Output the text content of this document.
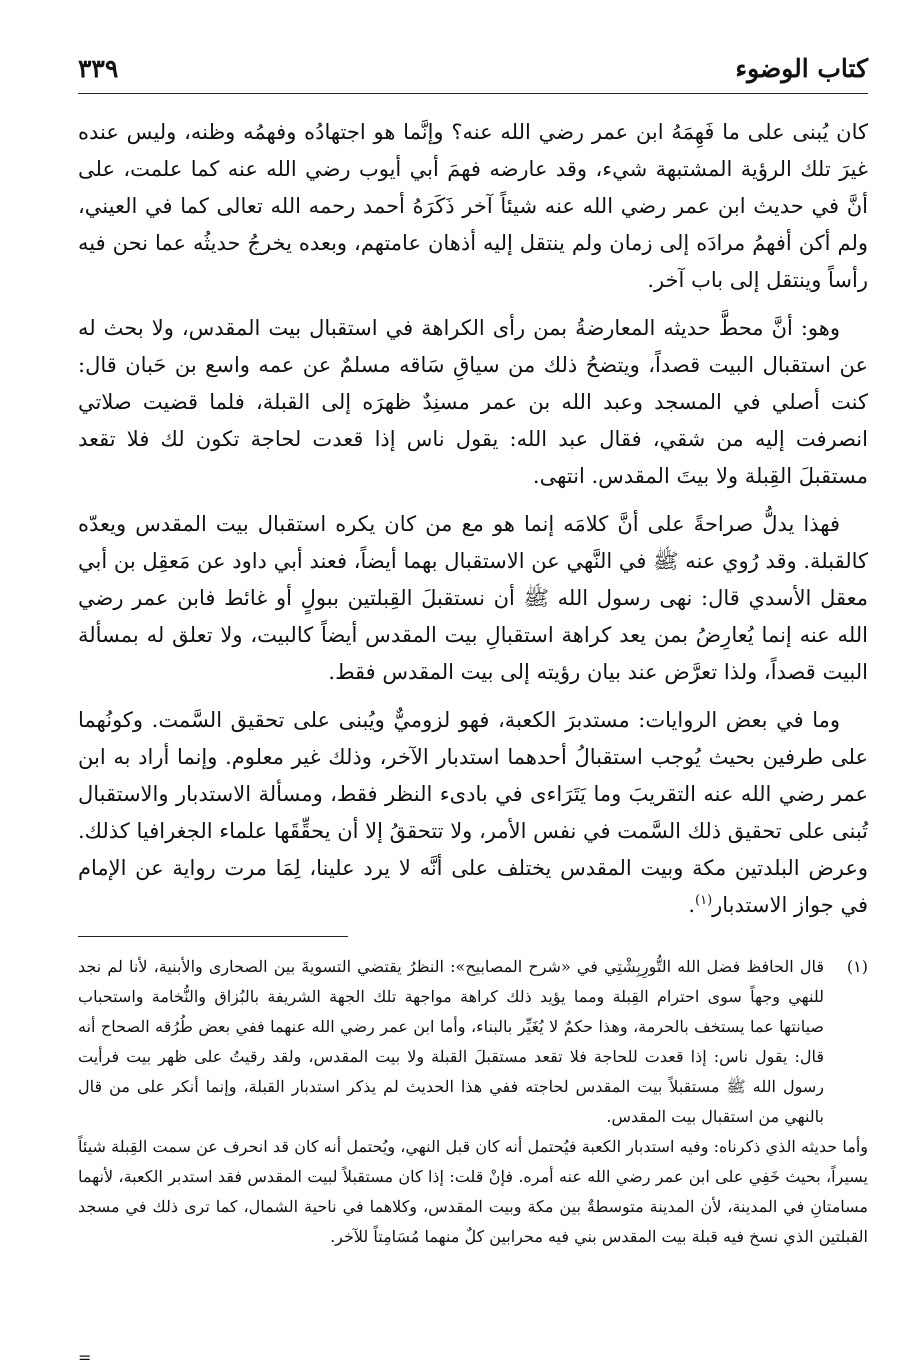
كتاب الوضوء
٣٣٩

كان يُبنى على ما فَهِمَهُ ابن عمر رضي الله عنه؟ وإنَّما هو اجتهادُه وفهمُه وظنه، وليس عنده غيرَ تلك الرؤية المشتبهة شيء، وقد عارضه فهمَ أبي أيوب رضي الله عنه كما علمت، على أنَّ في حديث ابن عمر رضي الله عنه شيئاً آخر ذَكَرَهُ أحمد رحمه الله تعالى كما في العيني، ولم أكن أفهمُ مرادَه إلى زمان ولم ينتقل إليه أذهان عامتهم، وبعده يخرجُ حديثُه عما نحن فيه رأساً وينتقل إلى باب آخر.

وهو: أنَّ محطَّ حديثه المعارضةُ بمن رأى الكراهة في استقبال بيت المقدس، ولا بحث له عن استقبال البيت قصداً، ويتضحُ ذلك من سياقِ سَاقه مسلمٌ عن عمه واسع بن حَبان قال: كنت أصلي في المسجد وعبد الله بن عمر مسنِدٌ ظهرَه إلى القبلة، فلما قضيت صلاتي انصرفت إليه من شقي، فقال عبد الله: يقول ناس إذا قعدت لحاجة تكون لك فلا تقعد مستقبلَ القِبلة ولا بيتَ المقدس. انتهى.

فهذا يدلُّ صراحةً على أنَّ كلامَه إنما هو مع من كان يكره استقبال بيت المقدس ويعدّه كالقبلة. وقد رُوي عنه ﷺ في النَّهي عن الاستقبال بهما أيضاً، فعند أبي داود عن مَعقِل بن أبي معقل الأسدي قال: نهى رسول الله ﷺ أن نستقبلَ القِبلتين ببولٍ أو غائط فابن عمر رضي الله عنه إنما يُعارِضُ بمن يعد كراهة استقبالِ بيت المقدس أيضاً كالبيت، ولا تعلق له بمسألة البيت قصداً، ولذا تعرَّض عند بيان رؤيته إلى بيت المقدس فقط.

وما في بعض الروايات: مستدبرَ الكعبة، فهو لزوميٌّ ويُبنى على تحقيق السَّمت. وكونُهما على طرفين بحيث يُوجب استقبالُ أحدهما استدبار الآخر، وذلك غير معلوم. وإنما أراد به ابن عمر رضي الله عنه التقريبَ وما يَتَرَاءى في بادىء النظر فقط، ومسألة الاستدبار والاستقبال تُبنى على تحقيق ذلك السَّمت في نفس الأمر، ولا تتحققُ إلا أن يحقِّقَها علماء الجغرافيا كذلك. وعرض البلدتين مكة وبيت المقدس يختلف على أنَّه لا يرد علينا، لِمَا مرت رواية عن الإمام في جواز الاستدبار$^{(١)}$.

(١)
قال الحافظ فضل الله التُّورِبِشْتِي في «شرح المصابيح»: النظرُ يقتضي التسويةَ بين الصحارى والأبنية، لأنا لم نجد للنهي وجهاً سوى احترام القِبلة ومما يؤيد ذلك كراهة مواجهة تلك الجهة الشريفة بالبُزاق والنُّخامة واستحباب صيانتها عما يستخف بالحرمة، وهذا حكمٌ لا يُغَيِّر بالبناء، وأما ابن عمر رضي الله عنهما ففي بعض طُرُقه الصحاح أنه قال: يقول ناس: إذا قعدت للحاجة فلا تقعد مستقبلَ القبلة ولا بيت المقدس، ولقد رقيتُ على ظهر بيت فرأيت رسول الله ﷺ مستقبلاً بيت المقدس لحاجته ففي هذا الحديث لم يذكر استدبار القبلة، وإنما أنكر على من قال بالنهي من استقبال بيت المقدس.

وأما حديثه الذي ذكرناه: وفيه استدبار الكعبة فيُحتمل أنه كان قبل النهي، ويُحتمل أنه كان قد انحرف عن سمت القِبلة شيئاً يسيراً، بحيث خَفِي على ابن عمر رضي الله عنه أمره. فإنْ قلت: إذا كان مستقبلاً لبيت المقدس فقد استدبر الكعبة، لأنهما مسامتانِ في المدينة، لأن المدينة متوسطةٌ بين مكة وبيت المقدس، وكلاهما في ناحية الشمال، كما ترى ذلك في مسجد القبلتين الذي نسخ فيه قبلة بيت المقدس بني فيه محرابين كلٌ منهما مُسَامِتاً للآخر.

=
